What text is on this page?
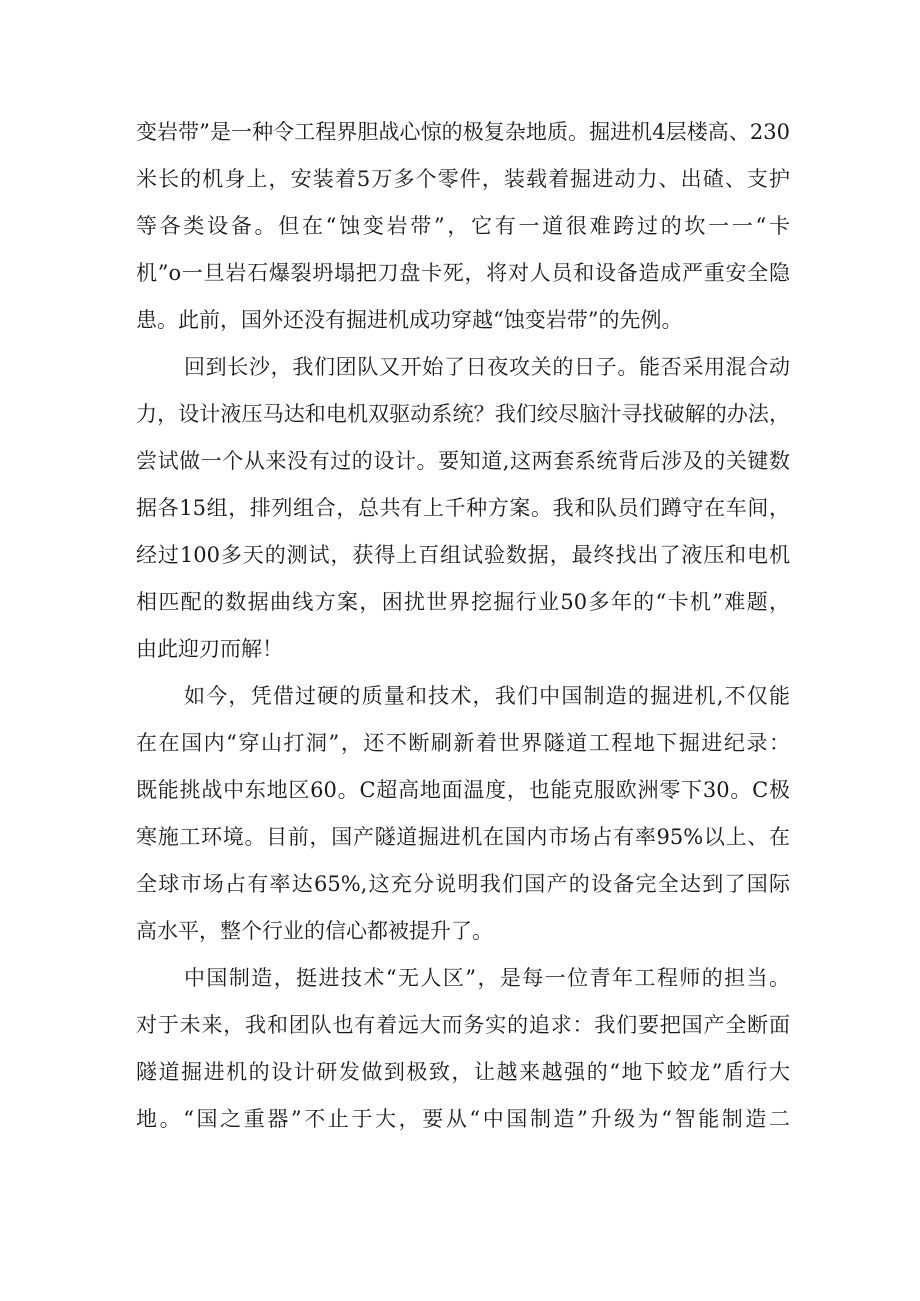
变岩带”是一种令工程界胆战心惊的极复杂地质。掘进机4层楼高、230

米长的机身上，安装着5万多个零件，装载着掘进动力、出碴、支护

等各类设备。但在“蚀变岩带”，它有一道很难跨过的坎一一“卡

机”o一旦岩石爆裂坍塌把刀盘卡死，将对人员和设备造成严重安全隐

患。此前，国外还没有掘进机成功穿越“蚀变岩带”的先例。

回到长沙，我们团队又开始了日夜攻关的日子。能否采用混合动

力，设计液压马达和电机双驱动系统？我们绞尽脑汁寻找破解的办法，

尝试做一个从来没有过的设计。要知道,这两套系统背后涉及的关键数

据各15组，排列组合，总共有上千种方案。我和队员们蹲守在车间，

经过100多天的测试，获得上百组试验数据，最终找出了液压和电机

相匹配的数据曲线方案，困扰世界挖掘行业50多年的“卡机”难题，

由此迎刃而解！

如今，凭借过硬的质量和技术，我们中国制造的掘进机,不仅能

在在国内“穿山打洞”，还不断刷新着世界隧道工程地下掘进纪录：

既能挑战中东地区60。C超高地面温度，也能克服欧洲零下30。C极

寒施工环境。目前，国产隧道掘进机在国内市场占有率95%以上、在

全球市场占有率达65%,这充分说明我们国产的设备完全达到了国际

高水平，整个行业的信心都被提升了。

中国制造，挺进技术“无人区”，是每一位青年工程师的担当。

对于未来，我和团队也有着远大而务实的追求：我们要把国产全断面

隧道掘进机的设计研发做到极致，让越来越强的“地下蛟龙”盾行大

地。“国之重器”不止于大，要从“中国制造”升级为“智能制造二
